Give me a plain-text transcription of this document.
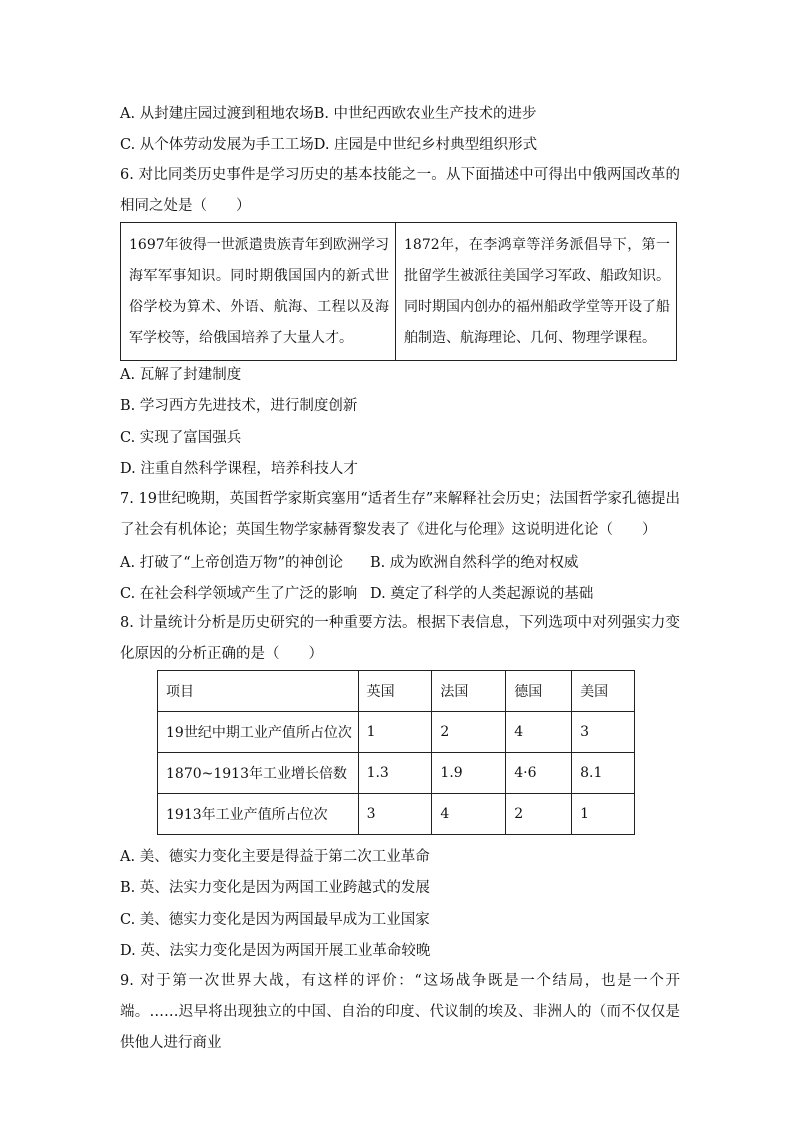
A. 从封建庄园过渡到租地农场B. 中世纪西欧农业生产技术的进步
C. 从个体劳动发展为手工工场D. 庄园是中世纪乡村典型组织形式
6. 对比同类历史事件是学习历史的基本技能之一。从下面描述中可得出中俄两国改革的相同之处是（　　）
1697年彼得一世派遣贵族青年到欧洲学习海军军事知识。同时期俄国国内的新式世俗学校为算术、外语、航海、工程以及海军学校等，给俄国培养了大量人才。	1872年，在李鸿章等洋务派倡导下，第一批留学生被派往美国学习军政、船政知识。同时期国内创办的福州船政学堂等开设了船舶制造、航海理论、几何、物理学课程。
A. 瓦解了封建制度
B. 学习西方先进技术，进行制度创新
C. 实现了富国强兵
D. 注重自然科学课程，培养科技人才
7. 19世纪晚期，英国哲学家斯宾塞用“适者生存”来解释社会历史；法国哲学家孔德提出了社会有机体论；英国生物学家赫胥黎发表了《进化与伦理》这说明进化论（　　）
A. 打破了“上帝创造万物”的神创论 B. 成为欧洲自然科学的绝对权威
C. 在社会科学领域产生了广泛的影响 D. 奠定了科学的人类起源说的基础
8. 计量统计分析是历史研究的一种重要方法。根据下表信息，下列选项中对列强实力变化原因的分析正确的是（　　）
项目	英国	法国	德国	美国
19世纪中期工业产值所占位次	1	2	4	3
1870~1913年工业增长倍数	1.3	1.9	4·6	8.1
1913年工业产值所占位次	3	4	2	1
A. 美、德实力变化主要是得益于第二次工业革命
B. 英、法实力变化是因为两国工业跨越式的发展
C. 美、德实力变化是因为两国最早成为工业国家
D. 英、法实力变化是因为两国开展工业革命较晚
9. 对于第一次世界大战，有这样的评价：“这场战争既是一个结局，也是一个开端。……迟早将出现独立的中国、自治的印度、代议制的埃及、非洲人的（而不仅仅是供他人进行商业
